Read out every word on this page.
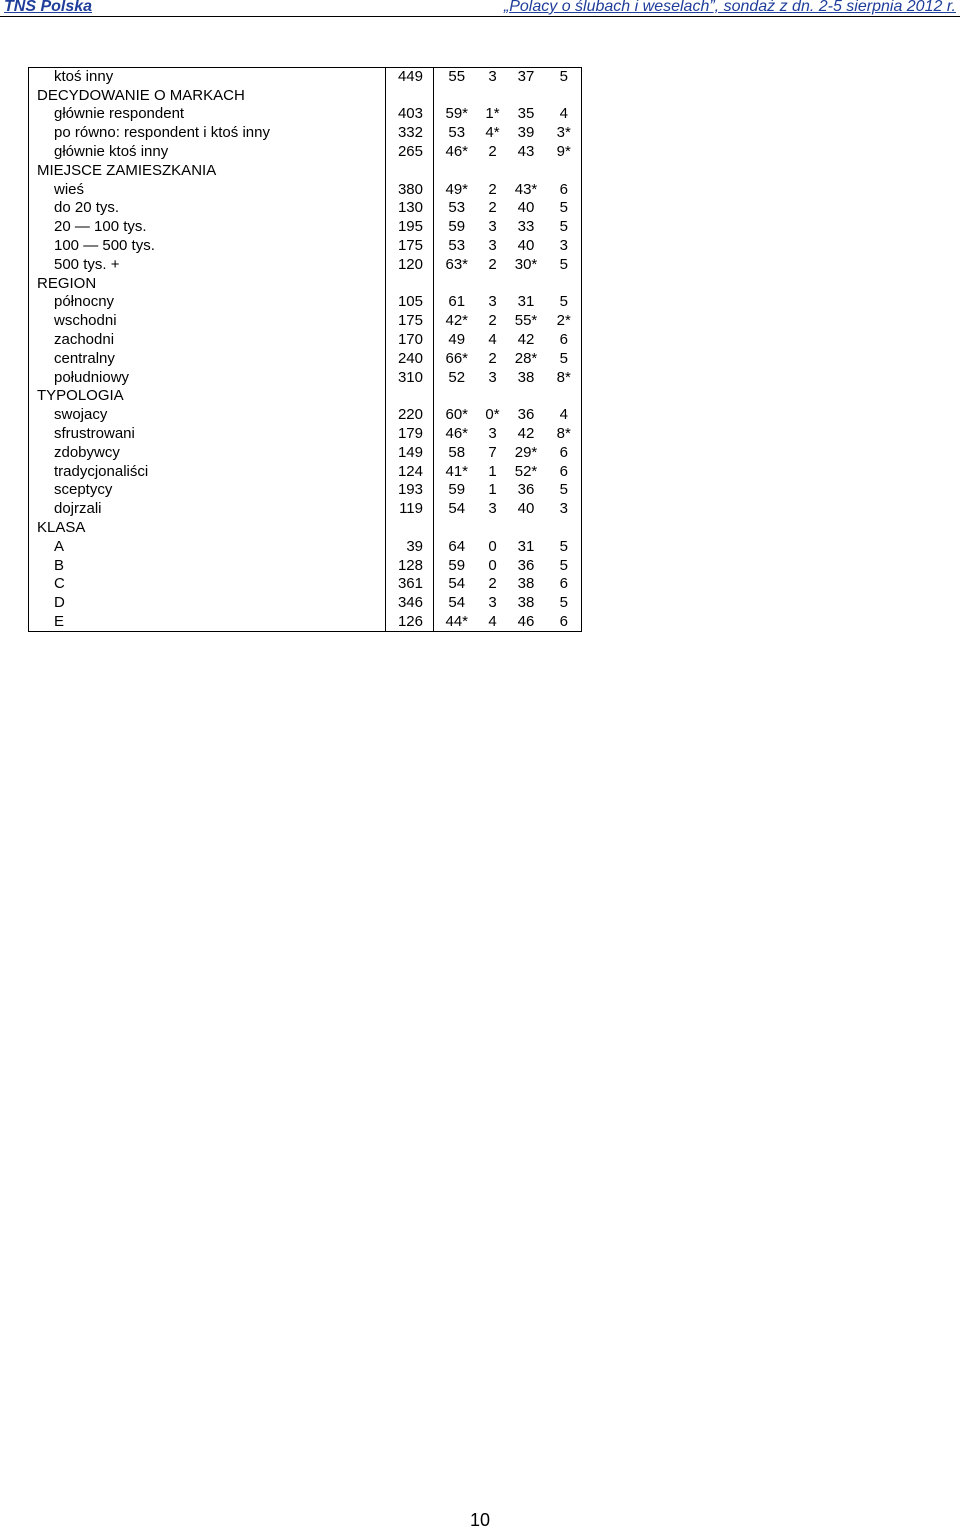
TNS Polska	„Polacy o ślubach i weselach”, sondaż z dn. 2-5 sierpnia 2012 r.
ktoś inny	449	55	3	37	5
DECYDOWANIE O MARKACH					
głównie respondent	403	59*	1*	35	4
po równo: respondent i ktoś inny	332	53	4*	39	3*
głównie ktoś inny	265	46*	2	43	9*
MIEJSCE ZAMIESZKANIA					
wieś	380	49*	2	43*	6
do 20 tys.	130	53	2	40	5
20 — 100 tys.	195	59	3	33	5
100 — 500 tys.	175	53	3	40	3
500 tys. +	120	63*	2	30*	5
REGION					
północny	105	61	3	31	5
wschodni	175	42*	2	55*	2*
zachodni	170	49	4	42	6
centralny	240	66*	2	28*	5
południowy	310	52	3	38	8*
TYPOLOGIA					
swojacy	220	60*	0*	36	4
sfrustrowani	179	46*	3	42	8*
zdobywcy	149	58	7	29*	6
tradycjonaliści	124	41*	1	52*	6
sceptycy	193	59	1	36	5
dojrzali	119	54	3	40	3
KLASA					
A	39	64	0	31	5
B	128	59	0	36	5
C	361	54	2	38	6
D	346	54	3	38	5
E	126	44*	4	46	6
10
